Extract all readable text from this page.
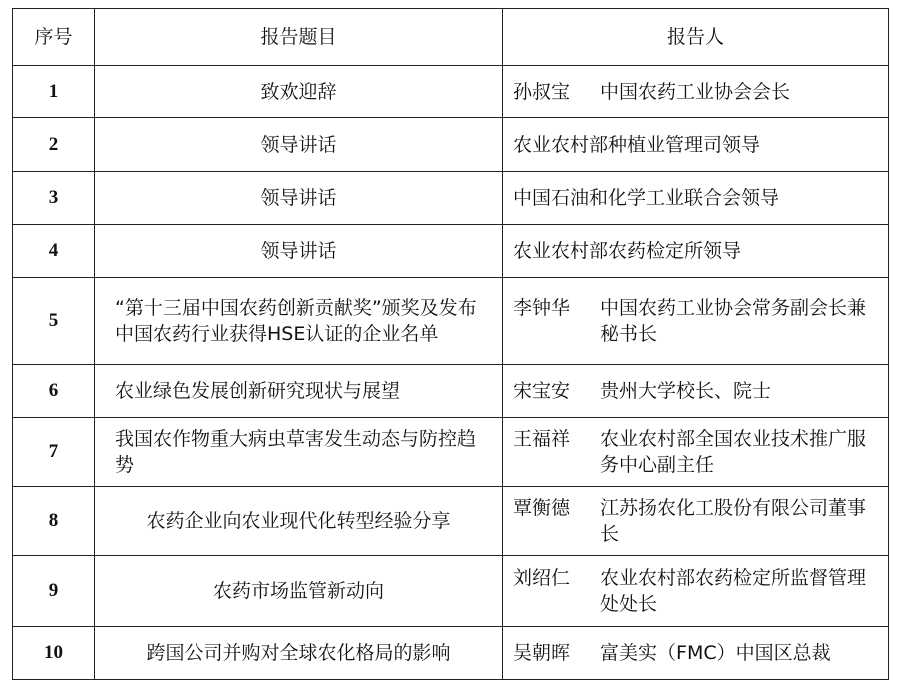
序号	报告题目	报告人
1	致欢迎辞	孙叔宝 中国农药工业协会会长

2	领导讲话	农业农村部种植业管理司领导
3	领导讲话	中国石油和化学工业联合会领导
4	领导讲话	农业农村部农药检定所领导
5	“第十三届中国农药创新贡献奖”颁奖及发布中国农药行业获得HSE认证的企业名单	李钟华 中国农药工业协会常务副会长兼秘书长

6	农业绿色发展创新研究现状与展望	宋宝安 贵州大学校长、院士

7	我国农作物重大病虫草害发生动态与防控趋势	王福祥 农业农村部全国农业技术推广服务中心副主任

8	农药企业向农业现代化转型经验分享	覃衡德 江苏扬农化工股份有限公司董事长

9	农药市场监管新动向	刘绍仁 农业农村部农药检定所监督管理处处长

10	跨国公司并购对全球农化格局的影响	吴朝晖 富美实（FMC）中国区总裁
